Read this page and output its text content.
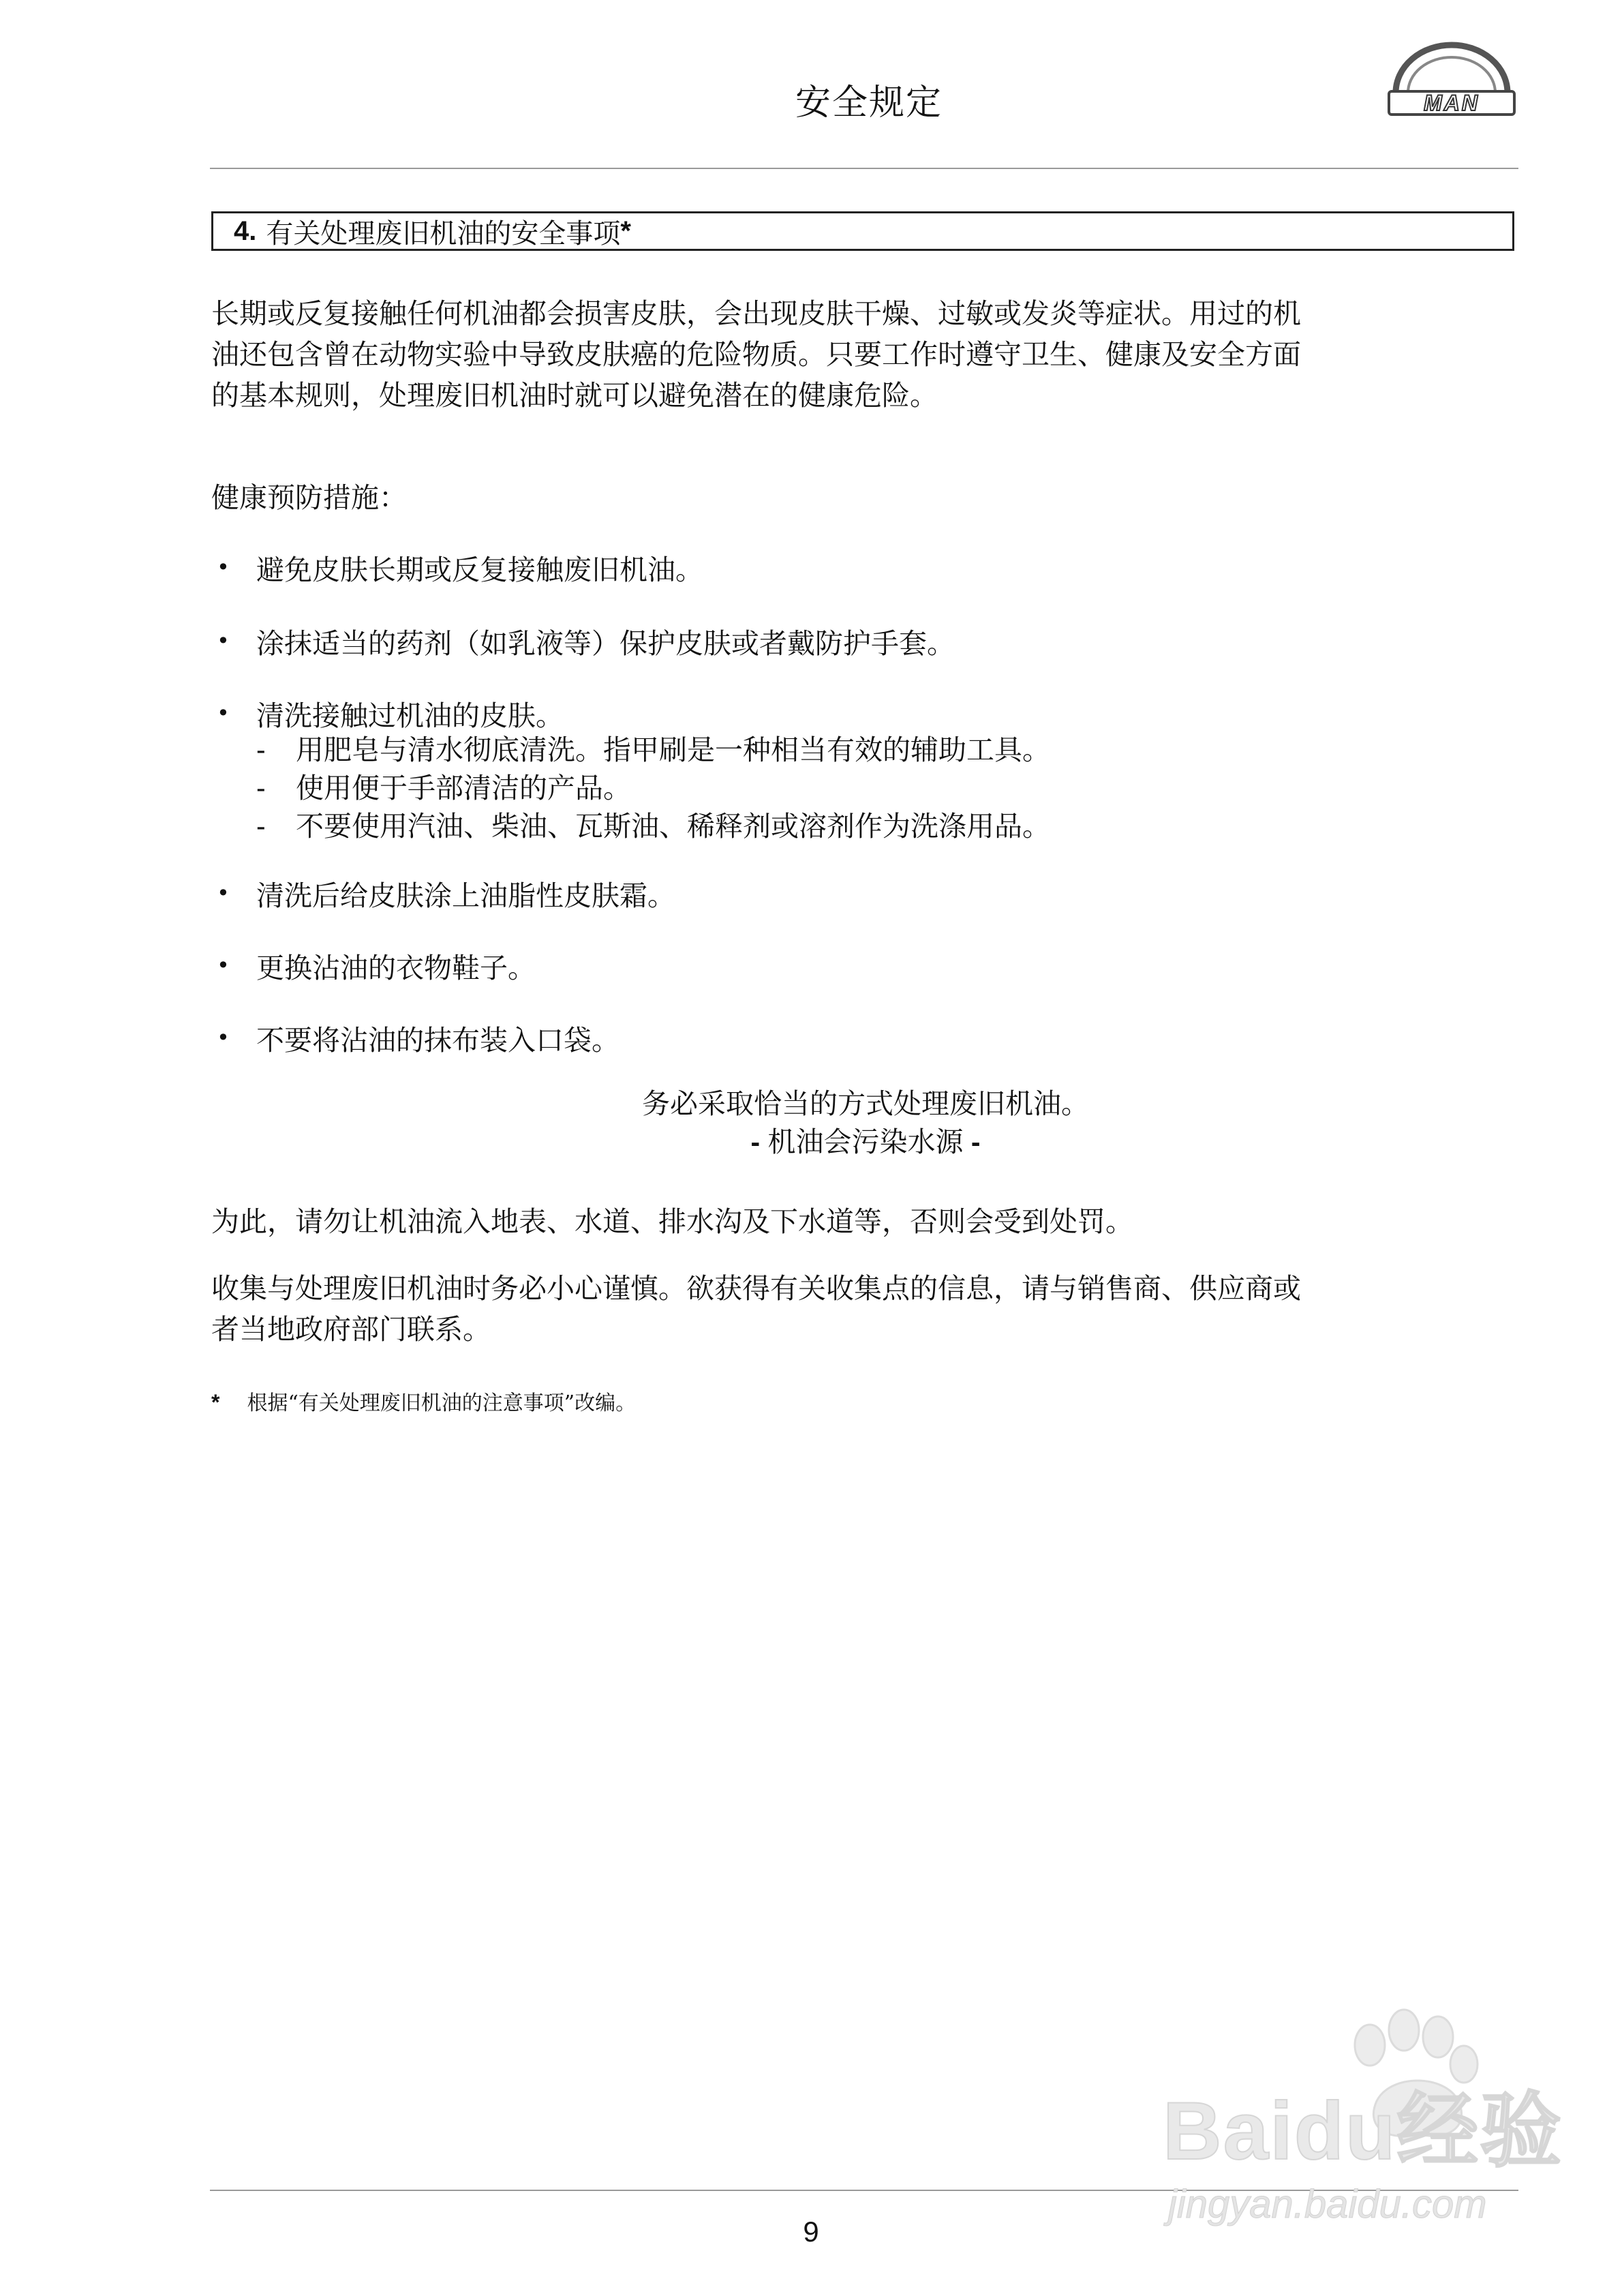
安全规定	MAN
4. 有关处理废旧机油的安全事项 *
长期或反复接触任何机油都会损害皮肤，会出现皮肤干燥、过敏或发炎等症状。用过的机
油还包含曾在动物实验中导致皮肤癌的危险物质。只要工作时遵守卫生、健康及安全方面
的基本规则，处理废旧机油时就可以避免潜在的健康危险。
健康预防措施：
• 避免皮肤长期或反复接触废旧机油。
• 涂抹适当的药剂（如乳液等）保护皮肤或者戴防护手套。
• 清洗接触过机油的皮肤。
- 用肥皂与清水彻底清洗。指甲刷是一种相当有效的辅助工具。
- 使用便于手部清洁的产品。
- 不要使用汽油、柴油、瓦斯油、稀释剂或溶剂作为洗涤用品。
• 清洗后给皮肤涂上油脂性皮肤霜。
• 更换沾油的衣物鞋子。
• 不要将沾油的抹布装入口袋。
务必采取恰当的方式处理废旧机油。
- 机油会污染水源 -
为此，请勿让机油流入地表、水道、排水沟及下水道等，否则会受到处罚。
收集与处理废旧机油时务必小心谨慎。欲获得有关收集点的信息，请与销售商、供应商或
者当地政府部门联系。
* 根据“有关处理废旧机油的注意事项”改编。
9
Baidu经验
jingyan.baidu.com
